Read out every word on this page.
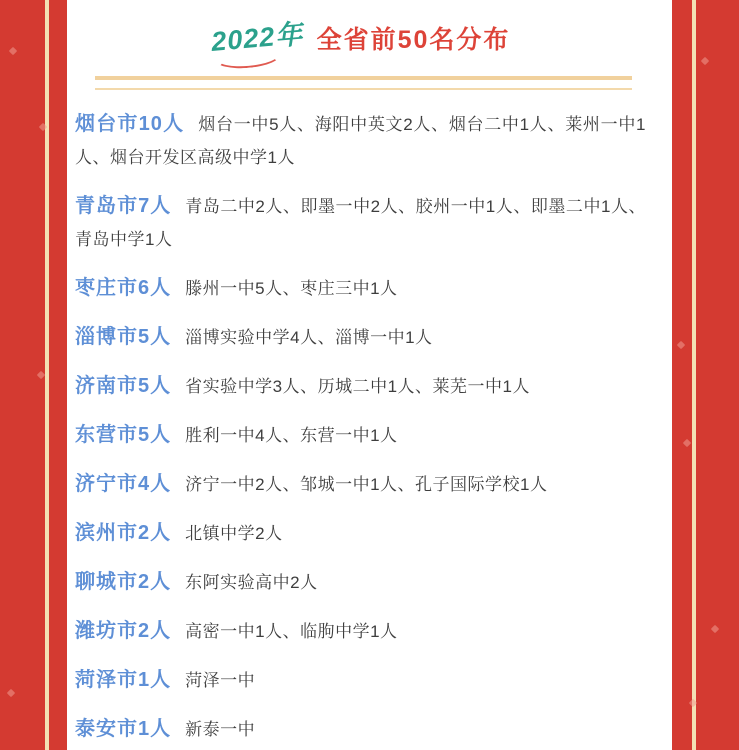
2022年 全省前50名分布

烟台市10人 烟台一中5人、海阳中英文2人、烟台二中1人、莱州一中1人、烟台开发区高级中学1人

青岛市7人 青岛二中2人、即墨一中2人、胶州一中1人、即墨二中1人、青岛中学1人

枣庄市6人 滕州一中5人、枣庄三中1人

淄博市5人 淄博实验中学4人、淄博一中1人

济南市5人 省实验中学3人、历城二中1人、莱芜一中1人

东营市5人 胜利一中4人、东营一中1人

济宁市4人 济宁一中2人、邹城一中1人、孔子国际学校1人

滨州市2人 北镇中学2人

聊城市2人 东阿实验高中2人

潍坊市2人 高密一中1人、临朐中学1人

菏泽市1人 菏泽一中

泰安市1人 新泰一中
